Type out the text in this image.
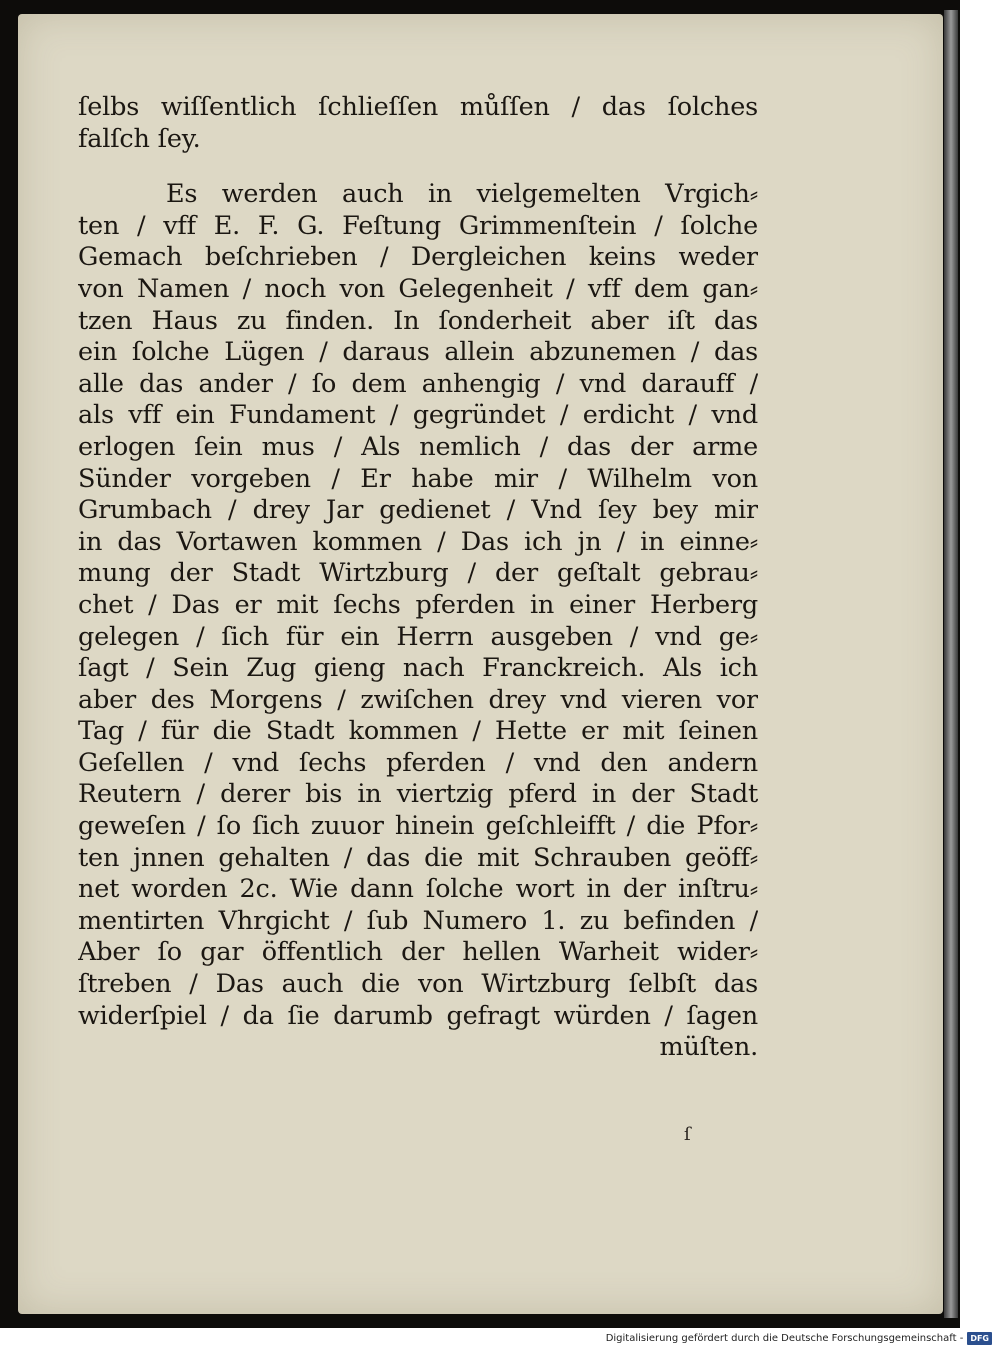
ſelbs wiſſentlich ſchlieſſen můſſen / das ſolches
falſch ſey.
Es werden auch in vielgemelten Vrgich⸗
ten / vff E. F. G. Feſtung Grimmenſtein / ſolche
Gemach beſchrieben / Dergleichen keins weder
von Namen / noch von Gelegenheit / vff dem gan⸗
tzen Haus zu finden. In ſonderheit aber iſt das
ein ſolche Lügen / daraus allein abzunemen / das
alle das ander / ſo dem anhengig / vnd darauff /
als vff ein Fundament / gegründet / erdicht / vnd
erlogen ſein mus / Als nemlich / das der arme
Sünder vorgeben / Er habe mir / Wilhelm von
Grumbach / drey Jar gedienet / Vnd ſey bey mir
in das Vortawen kommen / Das ich jn / in einne⸗
mung der Stadt Wirtzburg / der geſtalt gebrau⸗
chet / Das er mit ſechs pferden in einer Herberg
gelegen / ſich für ein Herrn ausgeben / vnd ge⸗
ſagt / Sein Zug gieng nach Franckreich. Als ich
aber des Morgens / zwiſchen drey vnd vieren vor
Tag / für die Stadt kommen / Hette er mit ſeinen
Geſellen / vnd ſechs pferden / vnd den andern
Reutern / derer bis in viertzig pferd in der Stadt
geweſen / ſo ſich zuuor hinein geſchleifft / die Pfor⸗
ten jnnen gehalten / das die mit Schrauben geöff⸗
net worden 2c. Wie dann ſolche wort in der inſtru⸗
mentirten Vhrgicht / ſub Numero 1. zu befinden /
Aber ſo gar öffentlich der hellen Warheit wider⸗
ſtreben / Das auch die von Wirtzburg ſelbſt das
widerſpiel / da ſie darumb gefragt würden / ſagen
müſten.
ſ
Digitalisierung gefördert durch die Deutsche Forschungsgemeinschaft - DFG
